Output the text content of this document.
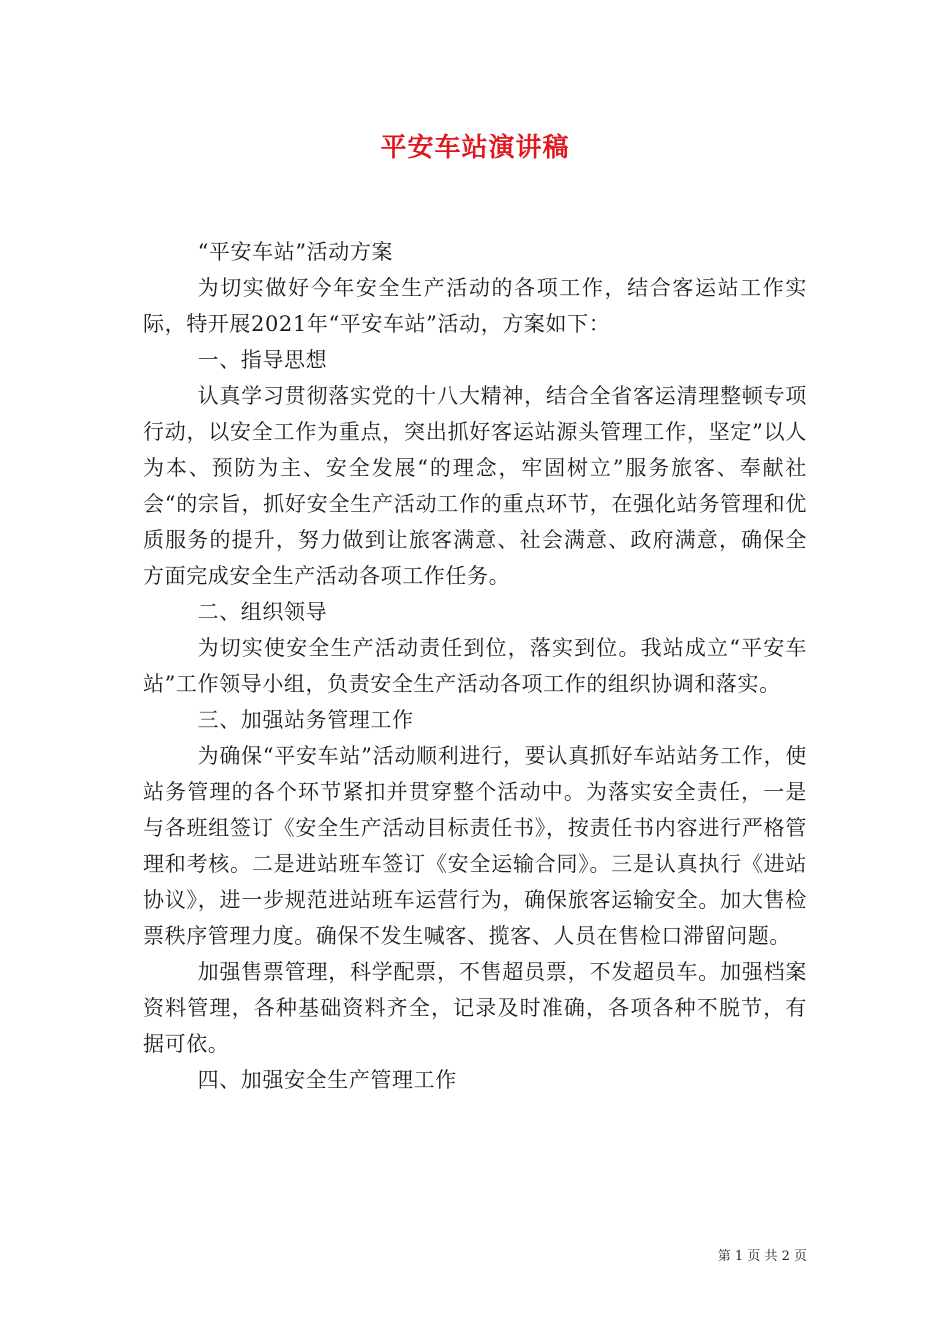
平安车站演讲稿

“平安车站”活动方案

为切实做好今年安全生产活动的各项工作，结合客运站工作实际，特开展2021年“平安车站”活动，方案如下：

一、指导思想

认真学习贯彻落实党的十八大精神，结合全省客运清理整顿专项行动，以安全工作为重点，突出抓好客运站源头管理工作，坚定”以人为本、预防为主、安全发展“的理念，牢固树立”服务旅客、奉献社会“的宗旨，抓好安全生产活动工作的重点环节，在强化站务管理和优质服务的提升，努力做到让旅客满意、社会满意、政府满意，确保全方面完成安全生产活动各项工作任务。

二、组织领导

为切实使安全生产活动责任到位，落实到位。我站成立“平安车站”工作领导小组，负责安全生产活动各项工作的组织协调和落实。

三、加强站务管理工作

为确保“平安车站”活动顺利进行，要认真抓好车站站务工作，使站务管理的各个环节紧扣并贯穿整个活动中。为落实安全责任，一是与各班组签订《安全生产活动目标责任书》，按责任书内容进行严格管理和考核。二是进站班车签订《安全运输合同》。三是认真执行《进站协议》，进一步规范进站班车运营行为，确保旅客运输安全。加大售检票秩序管理力度。确保不发生喊客、揽客、人员在售检口滞留问题。

加强售票管理，科学配票，不售超员票，不发超员车。加强档案资料管理，各种基础资料齐全，记录及时准确，各项各种不脱节，有据可依。

四、加强安全生产管理工作

第 1 页 共 2 页
